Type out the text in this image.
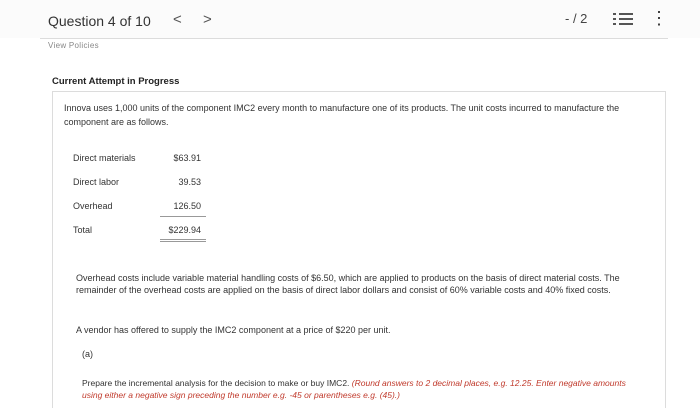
Question 4 of 10 < >	- / 2	⋮
View Policies
Current Attempt in Progress
Innova uses 1,000 units of the component IMC2 every month to manufacture one of its products. The unit costs incurred to manufacture the component are as follows.
Direct materials	$63.91
Direct labor	39.53
Overhead	126.50
Total	$229.94
Overhead costs include variable material handling costs of $6.50, which are applied to products on the basis of direct material costs. The remainder of the overhead costs are applied on the basis of direct labor dollars and consist of 60% variable costs and 40% fixed costs.
A vendor has offered to supply the IMC2 component at a price of $220 per unit.
(a)
Prepare the incremental analysis for the decision to make or buy IMC2. (Round answers to 2 decimal places, e.g. 12.25. Enter negative amounts using either a negative sign preceding the number e.g. -45 or parentheses e.g. (45).)
